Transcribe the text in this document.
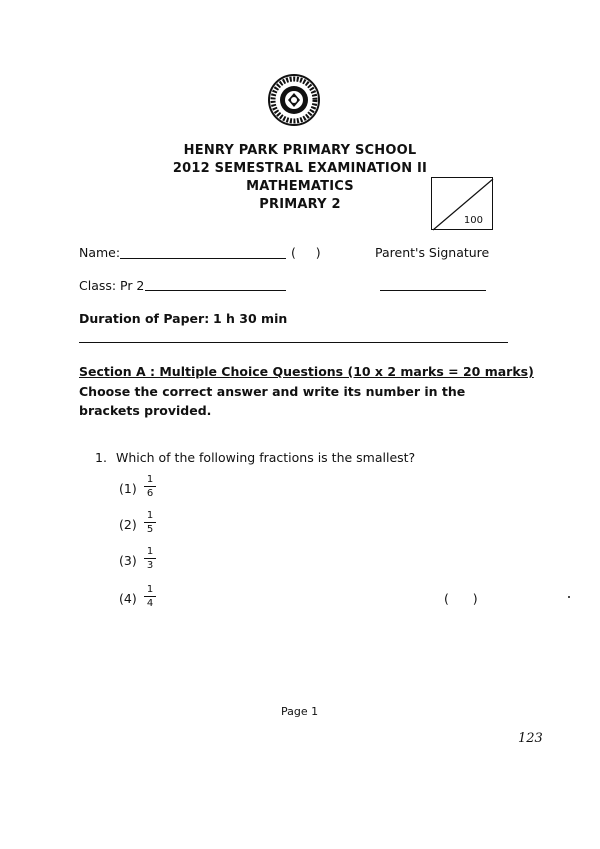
HENRY PARK PRIMARY SCHOOL
2012 SEMESTRAL EXAMINATION II
MATHEMATICS
PRIMARY 2
100
Name:	(     )	Parent's Signature
Class: Pr 2
Duration of Paper: 1 h 30 min
Section A : Multiple Choice Questions (10 x 2 marks = 20 marks)
Choose the correct answer and write its number in the brackets provided.
1. Which of the following fractions is the smallest?
(1)
1
6
(2)
1
5
(3)
1
3
(4)
1
4	(      )
Page 1
123
